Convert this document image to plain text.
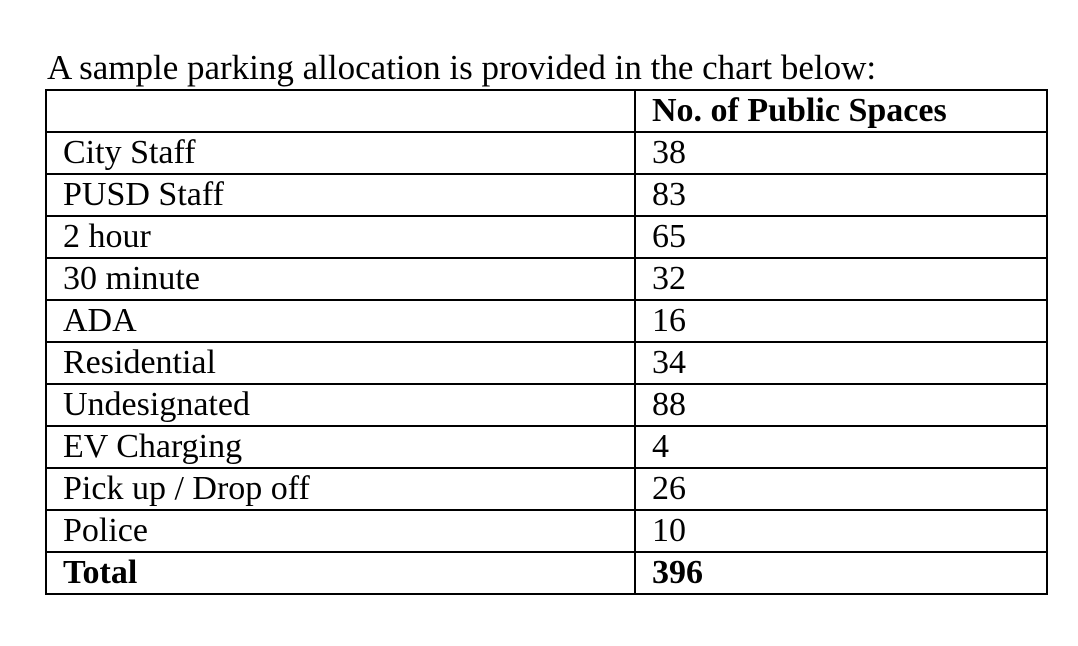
A sample parking allocation is provided in the chart below:
	No. of Public Spaces
City Staff	38
PUSD Staff	83
2 hour	65
30 minute	32
ADA	16
Residential	34
Undesignated	88
EV Charging	4
Pick up / Drop off	26
Police	10
Total	396
